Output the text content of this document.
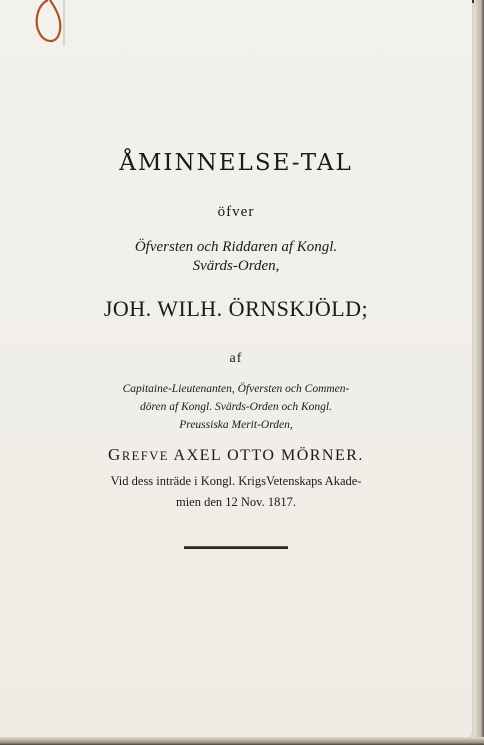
ÅMINNELSE-TAL
öfver
Öfversten och Riddaren af Kongl.
Svärds-Orden,
JOH. WILH. ÖRNSKJÖLD;
af
Capitaine-Lieutenanten, Öfversten och Commen-
dören af Kongl. Svärds-Orden och Kongl.
Preussiska Merit-Orden,
GREFVE AXEL OTTO MÖRNER.
Vid dess inträde i Kongl. KrigsVetenskaps Akade-
mien den 12 Nov. 1817.
